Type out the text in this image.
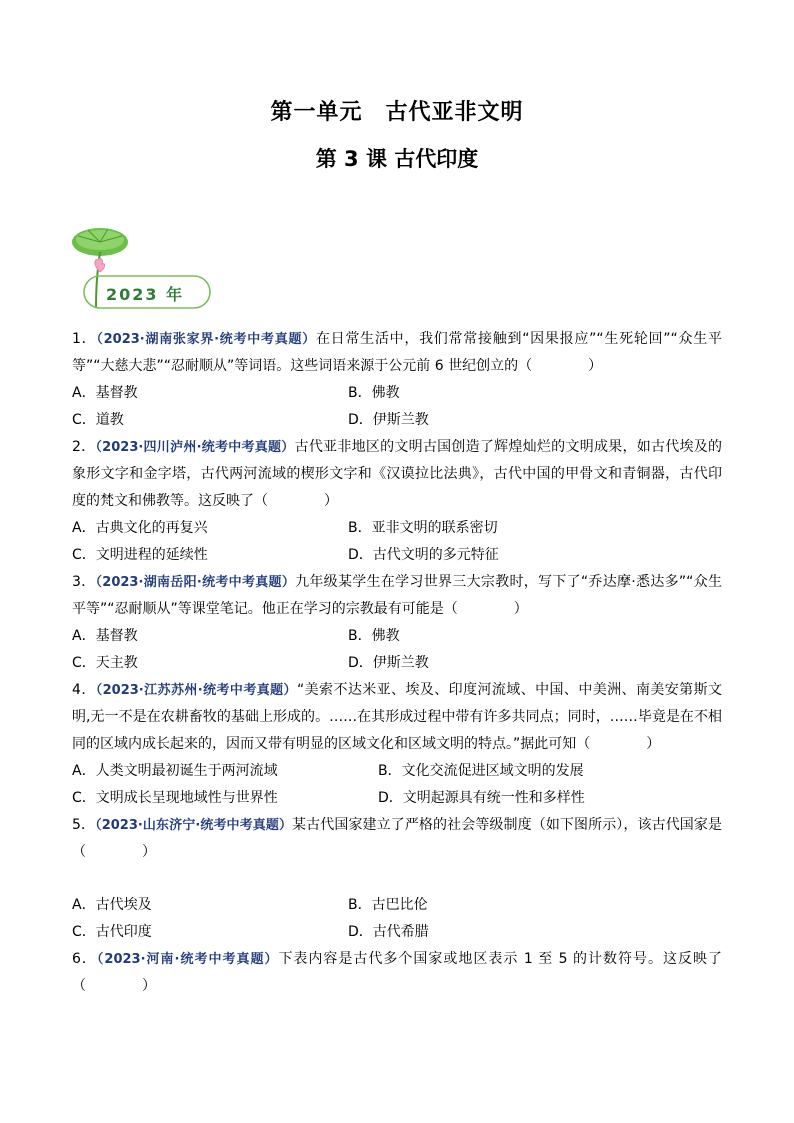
第一单元　古代亚非文明
第 3 课 古代印度
2023 年
1．（2023·湖南张家界·统考中考真题）在日常生活中，我们常常接触到“因果报应”“生死轮回”“众生平等”“大慈大悲”“忍耐顺从”等词语。这些词语来源于公元前 6 世纪创立的（　　　　）
A．基督教	B．佛教
C．道教	D．伊斯兰教
2．（2023·四川泸州·统考中考真题）古代亚非地区的文明古国创造了辉煌灿烂的文明成果，如古代埃及的象形文字和金字塔，古代两河流域的楔形文字和《汉谟拉比法典》，古代中国的甲骨文和青铜器，古代印度的梵文和佛教等。这反映了（　　　　）
A．古典文化的再复兴	B．亚非文明的联系密切
C．文明进程的延续性	D．古代文明的多元特征
3．（2023·湖南岳阳·统考中考真题）九年级某学生在学习世界三大宗教时，写下了“乔达摩·悉达多”“众生平等”“忍耐顺从”等课堂笔记。他正在学习的宗教最有可能是（　　　　）
A．基督教	B．佛教
C．天主教	D．伊斯兰教
4．（2023·江苏苏州·统考中考真题）“美索不达米亚、埃及、印度河流域、中国、中美洲、南美安第斯文明,无一不是在农耕畜牧的基础上形成的。……在其形成过程中带有许多共同点；同时，……毕竟是在不相同的区域内成长起来的，因而又带有明显的区域文化和区域文明的特点。”据此可知（　　　　）
A．人类文明最初诞生于两河流域	B．文化交流促进区域文明的发展
C．文明成长呈现地域性与世界性	D．文明起源具有统一性和多样性
5．（2023·山东济宁·统考中考真题）某古代国家建立了严格的社会等级制度（如下图所示），该古代国家是（　　　　）
A．古代埃及	B．古巴比伦
C．古代印度	D．古代希腊
6．（2023·河南·统考中考真题）下表内容是古代多个国家或地区表示 1 至 5 的计数符号。这反映了（　　　　）
